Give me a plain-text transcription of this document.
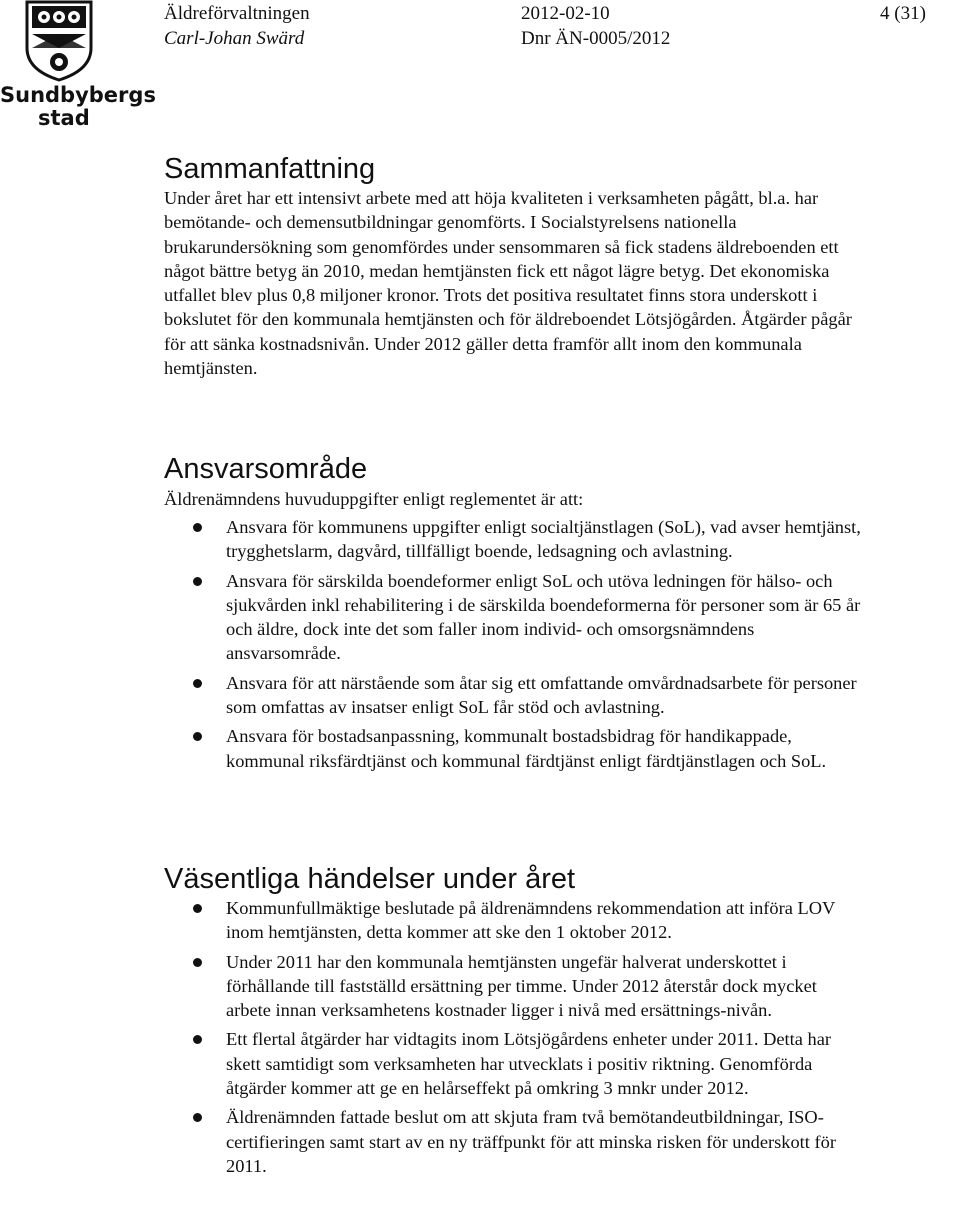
Sundbybergs
stad
Äldreförvaltningen
Carl-Johan Swärd
2012-02-10
Dnr ÄN-0005/2012
4 (31)
Sammanfattning

Under året har ett intensivt arbete med att höja kvaliteten i verksamheten pågått, bl.a. har bemötande- och demensutbildningar genomförts. I Socialstyrelsens nationella brukarundersökning som genomfördes under sensommaren så fick stadens äldreboenden ett något bättre betyg än 2010, medan hemtjänsten fick ett något lägre betyg. Det ekonomiska utfallet blev plus 0,8 miljoner kronor. Trots det positiva resultatet finns stora underskott i bokslutet för den kommunala hemtjänsten och för äldreboendet Lötsjögården. Åtgärder pågår för att sänka kostnadsnivån. Under 2012 gäller detta framför allt inom den kommunala hemtjänsten.

Ansvarsområde

Äldrenämndens huvuduppgifter enligt reglementet är att:

Ansvara för kommunens uppgifter enligt socialtjänstlagen (SoL), vad avser hemtjänst, trygghetslarm, dagvård, tillfälligt boende, ledsagning och avlastning.
Ansvara för särskilda boendeformer enligt SoL och utöva ledningen för hälso- och sjukvården inkl rehabilitering i de särskilda boendeformerna för personer som är 65 år och äldre, dock inte det som faller inom individ- och omsorgsnämndens ansvarsområde.
Ansvara för att närstående som åtar sig ett omfattande omvårdnadsarbete för personer som omfattas av insatser enligt SoL får stöd och avlastning.
Ansvara för bostadsanpassning, kommunalt bostadsbidrag för handikappade, kommunal riksfärdtjänst och kommunal färdtjänst enligt färdtjänstlagen och SoL.
Väsentliga händelser under året
Kommunfullmäktige beslutade på äldrenämndens rekommendation att införa LOV inom hemtjänsten, detta kommer att ske den 1 oktober 2012.
Under 2011 har den kommunala hemtjänsten ungefär halverat underskottet i förhållande till fastställd ersättning per timme. Under 2012 återstår dock mycket arbete innan verksamhetens kostnader ligger i nivå med ersättnings-nivån.
Ett flertal åtgärder har vidtagits inom Lötsjögårdens enheter under 2011. Detta har skett samtidigt som verksamheten har utvecklats i positiv riktning. Genomförda åtgärder kommer att ge en helårseffekt på omkring 3 mnkr under 2012.
Äldrenämnden fattade beslut om att skjuta fram två bemötandeutbildningar, ISO-certifieringen samt start av en ny träffpunkt för att minska risken för underskott för 2011.
